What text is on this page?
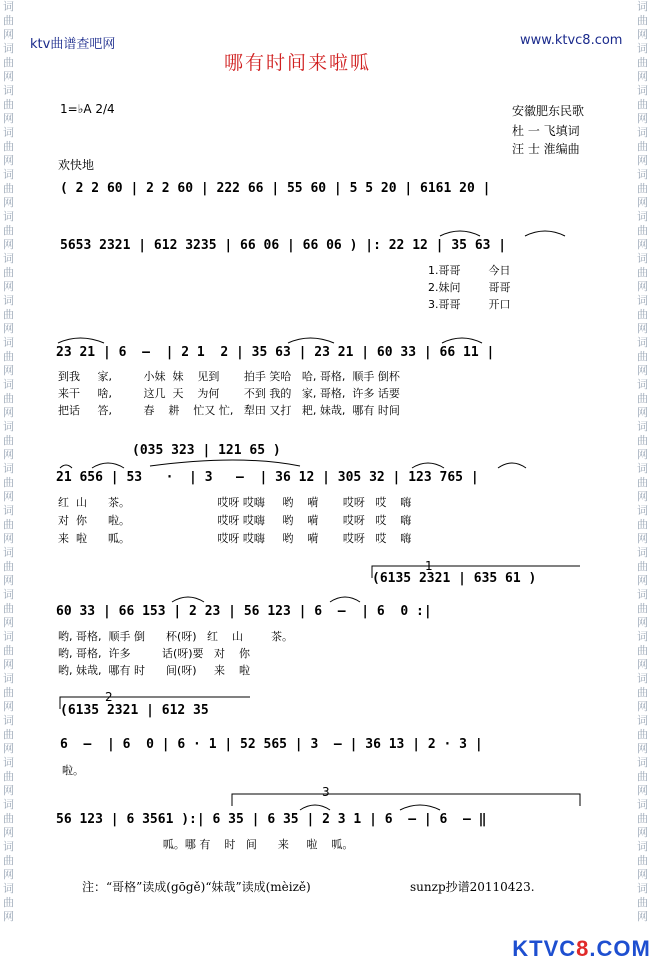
词曲网词曲网词曲网词曲网词曲网词曲网词曲网词曲网词曲网词曲网词曲网词曲网词曲网词曲网词曲网词曲网词曲网词曲网词曲网词曲网词曲网词曲网
词曲网词曲网词曲网词曲网词曲网词曲网词曲网词曲网词曲网词曲网词曲网词曲网词曲网词曲网词曲网词曲网词曲网词曲网词曲网词曲网词曲网词曲网
ktv曲谱查吧网	www.ktvc8.com
哪有时间来啦呱
1=♭A 2/4	安徽肥东民歌
杜 一 飞填词
汪 士 淮编曲
欢快地
( 2 2 60 | 2 2 60 | 222 66 | 55 60 | 5 5 20 | 6161 20 |
5653 2321 | 612 3235 | 66 06 | 66 06 ) |: 22 12 | 35 63 |
1.哥哥        今日
2.妹问        哥哥
3.哥哥        开口
23 21 | 6  –  | 2 1  2 | 35 63 | 23 21 | 60 33 | 66 11 |
到我     家,         小妹  妹    见到       拍手 笑哈   哈, 哥格,  顺手 倒杯
来干     啥,         这几  天    为何       不到 我的   家, 哥格,  许多 话要
把话     答,         春    耕    忙又 忙,   犁田 又打   耙, 妹哉,  哪有 时间
(035 323 | 121 65 )
21 656 | 53   ·  | 3   –  | 36 12 | 305 32 | 123 765 |
红  山      茶。                         哎呀 哎嗨     哟    嗬       哎呀   哎    嗨
对  你      啦。                         哎呀 哎嗨     哟    嗬       哎呀   哎    嗨
来  啦      呱。                         哎呀 哎嗨     哟    嗬       哎呀   哎    嗨
1
(6135 2321 | 635 61 )
60 33 | 66 153 | 2 23 | 56 123 | 6  –  | 6  0 :|
哟, 哥格,  顺手 倒      杯(呀)   红    山        茶。
哟, 哥格,  许多         话(呀)要   对    你
哟, 妹哉,  哪有 时      间(呀)     来    啦
2
(6135 2321 | 612 35
6  –  | 6  0 | 6 · 1 | 52 565 | 3  – | 36 13 | 2 · 3 |
啦。
3
56 123 | 6 3561 ):| 6 35 | 6 35 | 2 3 1 | 6  – | 6  – ‖
呱。哪 有    时   间      来     啦    呱。
注：“哥格”读成(gōgě)“妹哉”读成(mèizě)	sunzp抄谱20110423.

KTVC8.COM
